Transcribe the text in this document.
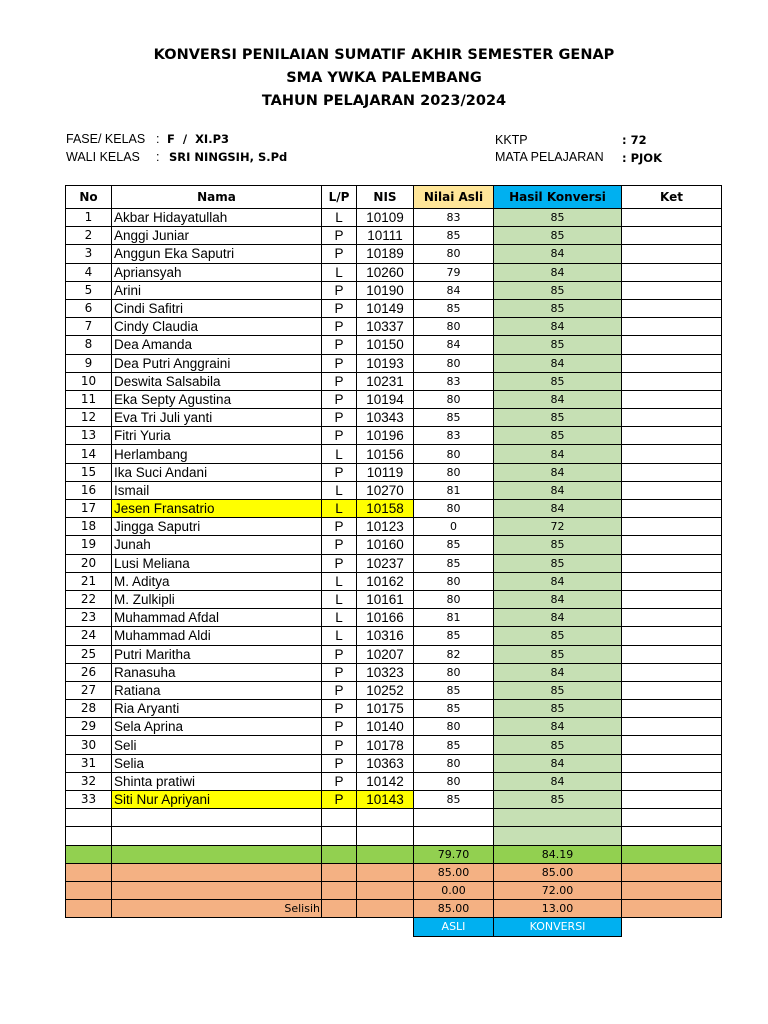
KONVERSI PENILAIAN SUMATIF AKHIR SEMESTER GENAP
SMA YWKA PALEMBANG
TAHUN PELAJARAN 2023/2024
FASE/ KELAS : F  /  XI.P3
WALI KELAS : SRI NINGSIH, S.Pd
KKTP	: 72
MATA PELAJARAN : PJOK
No	Nama	L/P	NIS	Nilai Asli	Hasil Konversi	Ket
1	Akbar Hidayatullah	L	10109	83	85	
2	Anggi Juniar	P	10111	85	85	
3	Anggun Eka Saputri	P	10189	80	84	
4	Apriansyah	L	10260	79	84	
5	Arini	P	10190	84	85	
6	Cindi Safitri	P	10149	85	85	
7	Cindy Claudia	P	10337	80	84	
8	Dea Amanda	P	10150	84	85	
9	Dea Putri Anggraini	P	10193	80	84	
10	Deswita Salsabila	P	10231	83	85	
11	Eka Septy Agustina	P	10194	80	84	
12	Eva Tri Juli yanti	P	10343	85	85	
13	Fitri Yuria	P	10196	83	85	
14	Herlambang	L	10156	80	84	
15	Ika Suci Andani	P	10119	80	84	
16	Ismail	L	10270	81	84	
17	Jesen Fransatrio	L	10158	80	84	
18	Jingga Saputri	P	10123	0	72	
19	Junah	P	10160	85	85	
20	Lusi Meliana	P	10237	85	85	
21	M. Aditya	L	10162	80	84	
22	M. Zulkipli	L	10161	80	84	
23	Muhammad Afdal	L	10166	81	84	
24	Muhammad Aldi	L	10316	85	85	
25	Putri Maritha	P	10207	82	85	
26	Ranasuha	P	10323	80	84	
27	Ratiana	P	10252	85	85	
28	Ria Aryanti	P	10175	85	85	
29	Sela Aprina	P	10140	80	84	
30	Seli	P	10178	85	85	
31	Selia	P	10363	80	84	
32	Shinta pratiwi	P	10142	80	84	
33	Siti Nur Apriyani	P	10143	85	85	

				79.70	84.19	
				85.00	85.00	
				0.00	72.00	
	Selisih			85.00	13.00	
				ASLI	KONVERSI	
